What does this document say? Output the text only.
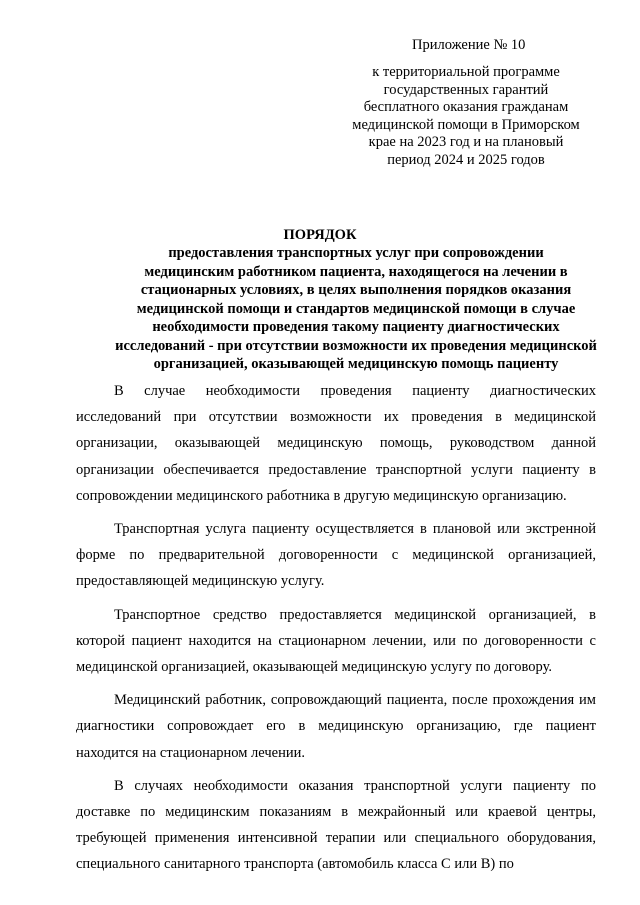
Приложение № 10
к территориальной программе
государственных гарантий
бесплатного оказания гражданам
медицинской помощи в Приморском
крае на 2023 год и на плановый
период 2024 и 2025 годов
ПОРЯДОК
предоставления транспортных услуг при сопровождении
медицинским работником пациента, находящегося на лечении в
стационарных условиях, в целях выполнения порядков оказания
медицинской помощи и стандартов медицинской помощи в случае
необходимости проведения такому пациенту диагностических
исследований - при отсутствии возможности их проведения медицинской
организацией, оказывающей медицинскую помощь пациенту

В случае необходимости проведения пациенту диагностических исследований при отсутствии возможности их проведения в медицинской организации, оказывающей медицинскую помощь, руководством данной организации обеспечивается предоставление транспортной услуги пациенту в сопровождении медицинского работника в другую медицинскую организацию.

Транспортная услуга пациенту осуществляется в плановой или экстренной форме по предварительной договоренности с медицинской организацией, предоставляющей медицинскую услугу.

Транспортное средство предоставляется медицинской организацией, в которой пациент находится на стационарном лечении, или по договоренности с медицинской организацией, оказывающей медицинскую услугу по договору.

Медицинский работник, сопровождающий пациента, после прохождения им диагностики сопровождает его в медицинскую организацию, где пациент находится на стационарном лечении.

В случаях необходимости оказания транспортной услуги пациенту по доставке по медицинским показаниям в межрайонный или краевой центры, требующей применения интенсивной терапии или специального оборудования, специального санитарного транспорта (автомобиль класса С или В) по
